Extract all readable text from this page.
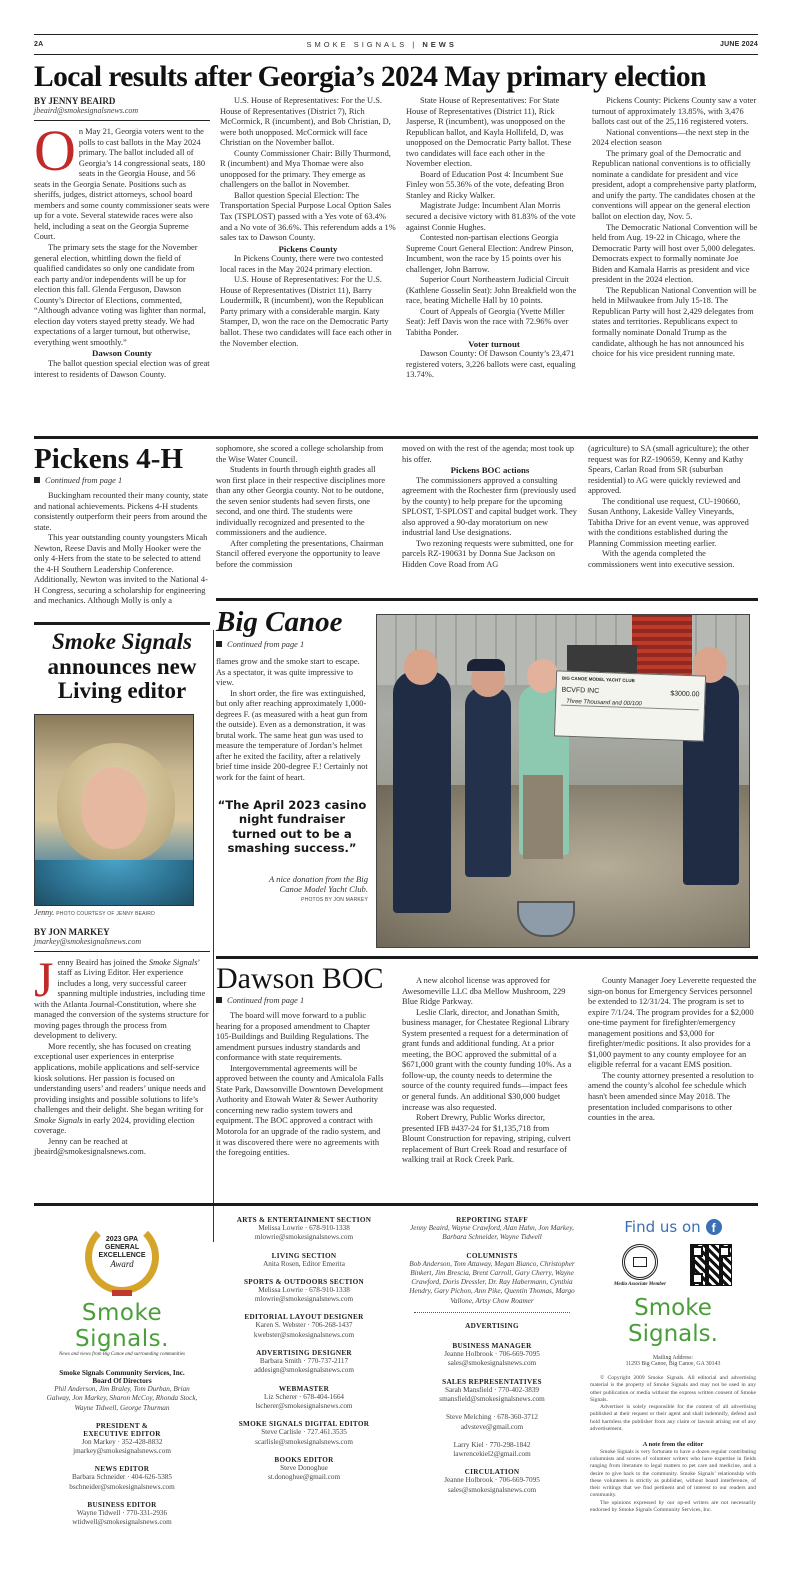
2A	SMOKE SIGNALS | NEWS	JUNE 2024
Local results after Georgia’s 2024 May primary election
BY JENNY BEAIRD
jbeaird@smokesignalsnews.com
O n May 21, Georgia voters went to the polls to cast ballots in the May 2024 primary. The ballot included all of Georgia’s 14 congressional seats, 180 seats in the Georgia House, and 56 seats in the Georgia Senate. Positions such as sheriffs, judges, district attorneys, school board members and some county commissioner seats were up for a vote. Several statewide races were also held, including a seat on the Georgia Supreme Court.
The primary sets the stage for the November general election, whittling down the field of qualified candidates so only one candidate from each party and/or independents will be up for election this fall. Glenda Ferguson, Dawson County’s Director of Elections, commented, “Although advance voting was lighter than normal, election day voters stayed pretty steady. We had expectations of a larger turnout, but otherwise, everything went smoothly.”
Dawson County
The ballot question special election was of great interest to residents of Dawson County.
U.S. House of Representatives: For the U.S. House of Representatives (District 7), Rich McCormick, R (incumbent), and Bob Christian, D, were both unopposed. McCormick will face Christian on the November ballot.
County Commissioner Chair: Billy Thurmond, R (incumbent) and Mya Thomae were also unopposed for the primary. They emerge as challengers on the ballot in November.
Ballot question Special Election: The Transportation Special Purpose Local Option Sales Tax (TSPLOST) passed with a Yes vote of 63.4% and a No vote of 36.6%. This referendum adds a 1% sales tax to Dawson County.
Pickens County
In Pickens County, there were two contested local races in the May 2024 primary election.
U.S. House of Representatives: For the U.S. House of Representatives (District 11), Barry Loudermilk, R (incumbent), won the Republican Party primary with a considerable margin. Katy Stamper, D, won the race on the Democratic Party ballot. These two candidates will face each other in the November election.
State House of Representatives: For State House of Representatives (District 11), Rick Jasperse, R (incumbent), was unopposed on the Republican ballot, and Kayla Hollifeld, D, was unopposed on the Democratic Party ballot. These two candidates will face each other in the November election.
Board of Education Post 4: Incumbent Sue Finley won 55.36% of the vote, defeating Bron Stanley and Ricky Walker.
Magistrate Judge: Incumbent Alan Morris secured a decisive victory with 81.83% of the vote against Connie Hughes.
Contested non-partisan elections Georgia Supreme Court General Election: Andrew Pinson, Incumbent, won the race by 15 points over his challenger, John Barrow.
Superior Court Northeastern Judicial Circuit (Kathlene Gosselin Seat): John Breakfield won the race, beating Michelle Hall by 10 points.
Court of Appeals of Georgia (Yvette Miller Seat): Jeff Davis won the race with 72.96% over Tabitha Ponder.
Voter turnout
Dawson County: Of Dawson County’s 23,471 registered voters, 3,226 ballots were cast, equaling 13.74%.
Pickens County: Pickens County saw a voter turnout of approximately 13.85%, with 3,476 ballots cast out of the 25,116 registered voters.
National conventions—the next step in the 2024 election season
The primary goal of the Democratic and Republican national conventions is to officially nominate a candidate for president and vice president, adopt a comprehensive party platform, and unify the party. The candidates chosen at the conventions will appear on the general election ballot on election day, Nov. 5.
The Democratic National Convention will be held from Aug. 19-22 in Chicago, where the Democratic Party will host over 5,000 delegates. Democrats expect to formally nominate Joe Biden and Kamala Harris as president and vice president in the 2024 election.
The Republican National Convention will be held in Milwaukee from July 15-18. The Republican Party will host 2,429 delegates from states and territories. Republicans expect to formally nominate Donald Trump as the candidate, although he has not announced his choice for his vice president running mate.
Pickens 4-H
Continued from page 1
Buckingham recounted their many county, state and national achievements. Pickens 4-H students consistently outperform their peers from around the state.
This year outstanding county youngsters Micah Newton, Reese Davis and Molly Hooker were the only 4-Hers from the state to be selected to attend the 4-H Southern Leadership Conference. Additionally, Newton was invited to the National 4-H Congress, securing a scholarship for engineering and mechanics. Although Molly is only a
sophomore, she scored a college scholarship from the Wise Water Council.
Students in fourth through eighth grades all won first place in their respective disciplines more than any other Georgia county. Not to be outdone, the seven senior students had seven firsts, one second, and one third. The students were individually recognized and presented to the commissioners and the audience.
After completing the presentations, Chairman Stancil offered everyone the opportunity to leave before the commission
moved on with the rest of the agenda; most took up his offer.
Pickens BOC actions
The commissioners approved a consulting agreement with the Rochester firm (previously used by the county) to help prepare for the upcoming SPLOST, T-SPLOST and capital budget work. They also approved a 90-day moratorium on new industrial land Use designations.
Two rezoning requests were submitted, one for parcels RZ-190631 by Donna Sue Jackson on Hidden Cove Road from AG
(agriculture) to SA (small agriculture); the other request was for RZ-190659, Kenny and Kathy Spears, Carlan Road from SR (suburban residential) to AG were quickly reviewed and approved.
The conditional use request, CU-190660, Susan Anthony, Lakeside Valley Vineyards, Tabitha Drive for an event venue, was approved with the conditions established during the Planning Commission meeting earlier.
With the agenda completed the commissioners went into executive session.
Smoke Signals
announces new Living editor
Jenny. PHOTO COURTESY OF JENNY BEAIRD
BY JON MARKEY
jmarkey@smokesignalsnews.com
J enny Beaird has joined the Smoke Signals’ staff as Living Editor. Her experience includes a long, very successful career spanning multiple industries, including time with the Atlanta Journal-Constitution, where she managed the conversion of the systems structure for moving pages through the process from development to delivery.
More recently, she has focused on creating exceptional user experiences in enterprise applications, mobile applications and self-service kiosk solutions. Her passion is focused on understanding users’ and readers’ unique needs and providing insights and possible solutions to life’s challenges and their delight. She began writing for Smoke Signals in early 2024, providing election coverage.
Jenny can be reached at jbeaird@smokesignalsnews.com.
Big Canoe
Continued from page 1
flames grow and the smoke start to escape. As a spectator, it was quite impressive to view.
In short order, the fire was extinguished, but only after reaching approximately 1,000-degrees F. (as measured with a heat gun from the outside). Even as a demonstration, it was brutal work. The same heat gun was used to measure the temperature of Jordan’s helmet after he exited the facility, after a relatively brief time inside 200-degree F.! Certainly not work for the faint of heart.
“The April 2023 casino night fundraiser turned out to be a smashing success.”
A nice donation from the Big Canoe Model Yacht Club.
PHOTOS BY JON MARKEY
BIG CANOE MODEL YACHT CLUB
BCVFD INC	$3000.00
Three Thousand and 00/100
Dawson BOC
Continued from page 1
The board will move forward to a public hearing for a proposed amendment to Chapter 105-Buildings and Building Regulations. The amendment pursues industry standards and conformance with state requirements.
Intergovernmental agreements will be approved between the county and Amicalola Falls State Park, Dawsonville Downtown Development Authority and Etowah Water & Sewer Authority concerning new radio system towers and equipment. The BOC approved a contract with Motorola for an upgrade of the radio system, and it was discovered there were no agreements with the foregoing entities.
A new alcohol license was approved for Awesomeville LLC dba Mellow Mushroom, 229 Blue Ridge Parkway.
Leslie Clark, director, and Jonathan Smith, business manager, for Chestatee Regional Library System presented a request for a determination of grant funds and additional funding. At a prior meeting, the BOC approved the submittal of a $671,000 grant with the county funding 10%. As a follow-up, the county needs to determine the source of the county required funds—impact fees or general funds. An additional $30,000 budget increase was also requested.
Robert Drewry, Public Works director, presented IFB #437-24 for $1,135,718 from Blount Construction for repaving, striping, culvert replacement of Burt Creek Road and resurface of walking trail at Rock Creek Park.
County Manager Joey Leverette requested the sign-on bonus for Emergency Services personnel be extended to 12/31/24. The program is set to expire 7/1/24. The program provides for a $2,000 one-time payment for firefighter/emergency management positions and $3,000 for firefighter/medic positions. It also provides for a $1,000 payment to any county employee for an eligible referral for a vacant EMS position.
The county attorney presented a resolution to amend the county’s alcohol fee schedule which hasn't been amended since May 2018. The presentation included comparisons to other counties in the area.
2023 GPA
GENERAL
EXCELLENCE
Award
Smoke Signals.
News and views from Big Canoe and surrounding communities
Smoke Signals Community Services, Inc.
Board Of Directors
Phil Anderson, Jim Braley, Tom Durban, Brian Galway, Jon Markey, Sharon McCoy, Rhonda Stock, Wayne Tidwell, George Thurman
PRESIDENT & EXECUTIVE EDITOR
Jon Markey · 352-428-8832
jmarkey@smokesignalsnews.com
NEWS EDITOR
Barbara Schneider · 404-626-5385
bschneider@smokesignalsnews.com
BUSINESS EDITOR
Wayne Tidwell · 770-331-2936
wtidwell@smokesignalsnews.com
ARTS & ENTERTAINMENT SECTION
Melissa Lowrie · 678-910-1338
mlowrie@smokesignalsnews.com
LIVING SECTION
Anita Rosen, Editor Emerita
SPORTS & OUTDOORS SECTION
Melissa Lowrie · 678-910-1338
mlowrie@smokesignalsnews.com
EDITORIAL LAYOUT DESIGNER
Karen S. Webster · 706-268-1437
kwebster@smokesignalsnews.com
ADVERTISING DESIGNER
Barbara Smith · 770-737-2117
addesign@smokesignalsnews.com
WEBMASTER
Liz Scherer · 678-404-1664
lscherer@smokesignalsnews.com
SMOKE SIGNALS DIGITAL EDITOR
Steve Carlisle · 727.461.3535
scarlisle@smokesignalsnews.com
BOOKS EDITOR
Steve Donoghue
st.donoghue@gmail.com
REPORTING STAFF
Jenny Beaird, Wayne Crawford, Alan Hahn, Jon Markey, Barbara Schneider, Wayne Tidwell
COLUMNISTS
Bob Anderson, Tom Attaway, Megan Bianco, Christopher Binkert, Jim Brescia, Brent Carroll, Gary Cherry, Wayne Crawford, Doris Dressler, Dr. Ray Habermann, Cynthia Hendry, Gary Pichon, Ann Pike, Quentin Thomas, Margo Vallone, Artsy Chow Roamer
ADVERTISING
BUSINESS MANAGER
Jeanne Holbrook · 706-669-7095
sales@smokesignalsnews.com
SALES REPRESENTATIVES
Sarah Mansfield · 770-402-3839
smansfield@smokesignalsnews.com
Steve Melching · 678-360-3712
advsteve@gmail.com
Larry Kiel · 770-298-1842
lawrencekiel2@gmail.com
CIRCULATION
Jeanne Holbrook · 706-669-7095
sales@smokesignalsnews.com
Find us on f
Media Associate Member
Smoke Signals.
Mailing Address:
11293 Big Canoe, Big Canoe, GA 30143
© Copyright 2009 Smoke Signals. All editorial and advertising material is the property of Smoke Signals and may not be used in any other publication or media without the express written consent of Smoke Signals.
Advertiser is solely responsible for the content of all advertising published at their request or their agent and shall indemnify, defend and hold harmless the publisher from any claim or lawsuit arising out of any advertisement.
A note from the editor
Smoke Signals is very fortunate to have a dozen regular contributing columnists and scores of volunteer writers who have expertise in fields ranging from literature to legal matters to pet care and medicine, and a desire to give back to the community. Smoke Signals’ relationship with these volunteers is strictly as publisher, without board interference, of their writings that we find pertinent and of interest to our readers and community.
The opinions expressed by our op-ed writers are not necessarily endorsed by Smoke Signals Community Services, Inc.
